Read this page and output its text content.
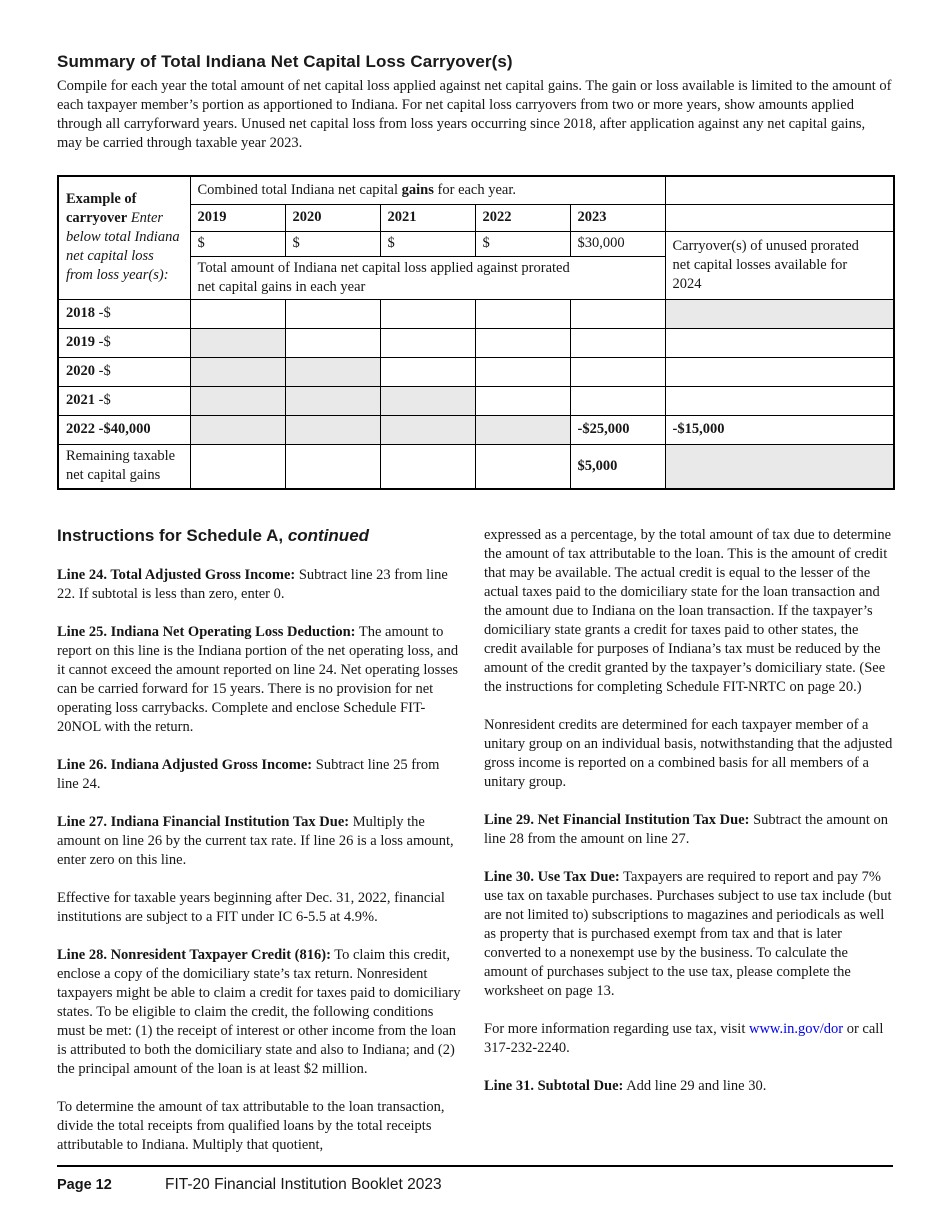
Summary of Total Indiana Net Capital Loss Carryover(s)

Compile for each year the total amount of net capital loss applied against net capital gains. The gain or loss available is limited to the amount of each taxpayer member’s portion as apportioned to Indiana. For net capital loss carryovers from two or more years, show amounts applied through all carryforward years. Unused net capital loss from loss years occurring since 2018, after application against any net capital gains, may be carried through taxable year 2023.

Example of carryover Enter below total Indiana net capital loss from loss year(s):	Combined total Indiana net capital gains for each year.					
	2019	2020	2021	2022	2023	
	$	$	$	$	$30,000	Carryover(s) of unused prorated net capital losses available for 2024
	Total amount of Indiana net capital loss applied against prorated net capital gains in each year					
2018 -$						
2019 -$						
2020 -$						
2021 -$						
2022 -$40,000					-$25,000	-$15,000
Remaining taxable net capital gains					$5,000	
Instructions for Schedule A, continued

Line 24. Total Adjusted Gross Income: Subtract line 23 from line 22. If subtotal is less than zero, enter 0.

Line 25. Indiana Net Operating Loss Deduction: The amount to report on this line is the Indiana portion of the net operating loss, and it cannot exceed the amount reported on line 24. Net operating losses can be carried forward for 15 years. There is no provision for net operating loss carrybacks. Complete and enclose Schedule FIT-20NOL with the return.

Line 26. Indiana Adjusted Gross Income: Subtract line 25 from line 24.

Line 27. Indiana Financial Institution Tax Due: Multiply the amount on line 26 by the current tax rate. If line 26 is a loss amount, enter zero on this line.

Effective for taxable years beginning after Dec. 31, 2022, financial institutions are subject to a FIT under IC 6-5.5 at 4.9%.

Line 28. Nonresident Taxpayer Credit (816): To claim this credit, enclose a copy of the domiciliary state’s tax return. Nonresident taxpayers might be able to claim a credit for taxes paid to domiciliary states. To be eligible to claim the credit, the following conditions must be met: (1) the receipt of interest or other income from the loan is attributed to both the domiciliary state and also to Indiana; and (2) the principal amount of the loan is at least $2 million.

To determine the amount of tax attributable to the loan transaction, divide the total receipts from qualified loans by the total receipts attributable to Indiana. Multiply that quotient,

expressed as a percentage, by the total amount of tax due to determine the amount of tax attributable to the loan. This is the amount of credit that may be available. The actual credit is equal to the lesser of the actual taxes paid to the domiciliary state for the loan transaction and the amount due to Indiana on the loan transaction. If the taxpayer’s domiciliary state grants a credit for taxes paid to other states, the credit available for purposes of Indiana’s tax must be reduced by the amount of the credit granted by the taxpayer’s domiciliary state. (See the instructions for completing Schedule FIT-NRTC on page 20.)

Nonresident credits are determined for each taxpayer member of a unitary group on an individual basis, notwithstanding that the adjusted gross income is reported on a combined basis for all members of a unitary group.

Line 29. Net Financial Institution Tax Due: Subtract the amount on line 28 from the amount on line 27.

Line 30. Use Tax Due: Taxpayers are required to report and pay 7% use tax on taxable purchases. Purchases subject to use tax include (but are not limited to) subscriptions to magazines and periodicals as well as property that is purchased exempt from tax and that is later converted to a nonexempt use by the business. To calculate the amount of purchases subject to the use tax, please complete the worksheet on page 13.

For more information regarding use tax, visit www.in.gov/dor or call 317-232-2240.

Line 31. Subtotal Due: Add line 29 and line 30.

Page 12	FIT-20 Financial Institution Booklet 2023
